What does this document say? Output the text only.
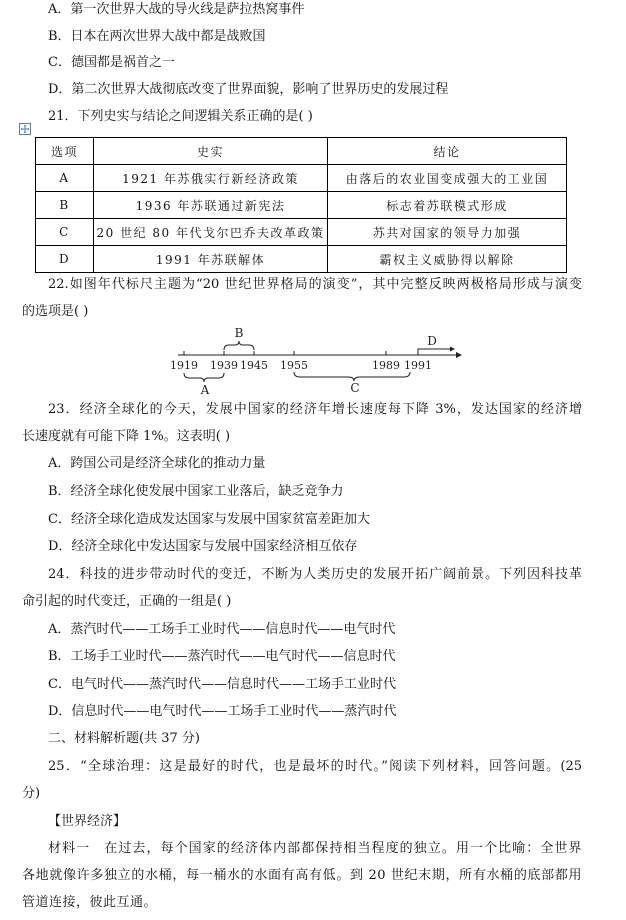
A．第一次世界大战的导火线是萨拉热窝事件
B．日本在两次世界大战中都是战败国
C．德国都是祸首之一
D．第二次世界大战彻底改变了世界面貌，影响了世界历史的发展过程
21．下列史实与结论之间逻辑关系正确的是( )
选项	史实	结论
A	1921 年苏俄实行新经济政策	由落后的农业国变成强大的工业国
B	1936 年苏联通过新宪法	标志着苏联模式形成
C	20 世纪 80 年代戈尔巴乔夫改革政策	苏共对国家的领导力加强
D	1991 年苏联解体	霸权主义威胁得以解除
22.如图年代标尺主题为“20 世纪世界格局的演变”，其中完整反映两极格局形成与演变
的选项是( )
1919 1939 1945 1955	1989 1991
B
A	C
D
23．经济全球化的今天，发展中国家的经济年增长速度每下降 3%，发达国家的经济增
长速度就有可能下降 1%。这表明( )
A．跨国公司是经济全球化的推动力量
B．经济全球化使发展中国家工业落后，缺乏竞争力
C．经济全球化造成发达国家与发展中国家贫富差距加大
D．经济全球化中发达国家与发展中国家经济相互依存
24．科技的进步带动时代的变迁，不断为人类历史的发展开拓广阔前景。下列因科技革
命引起的时代变迁，正确的一组是( )
A．蒸汽时代——工场手工业时代——信息时代——电气时代
B．工场手工业时代——蒸汽时代——电气时代——信息时代
C．电气时代——蒸汽时代——信息时代——工场手工业时代
D．信息时代——电气时代——工场手工业时代——蒸汽时代
二、材料解析题(共 37 分)
25．“全球治理：这是最好的时代，也是最坏的时代。”阅读下列材料，回答问题。(25
分)
【世界经济】
材料一　在过去，每个国家的经济体内部都保持相当程度的独立。用一个比喻：全世界
各地就像许多独立的水桶，每一桶水的水面有高有低。到 20 世纪末期，所有水桶的底部都用
管道连接，彼此互通。
